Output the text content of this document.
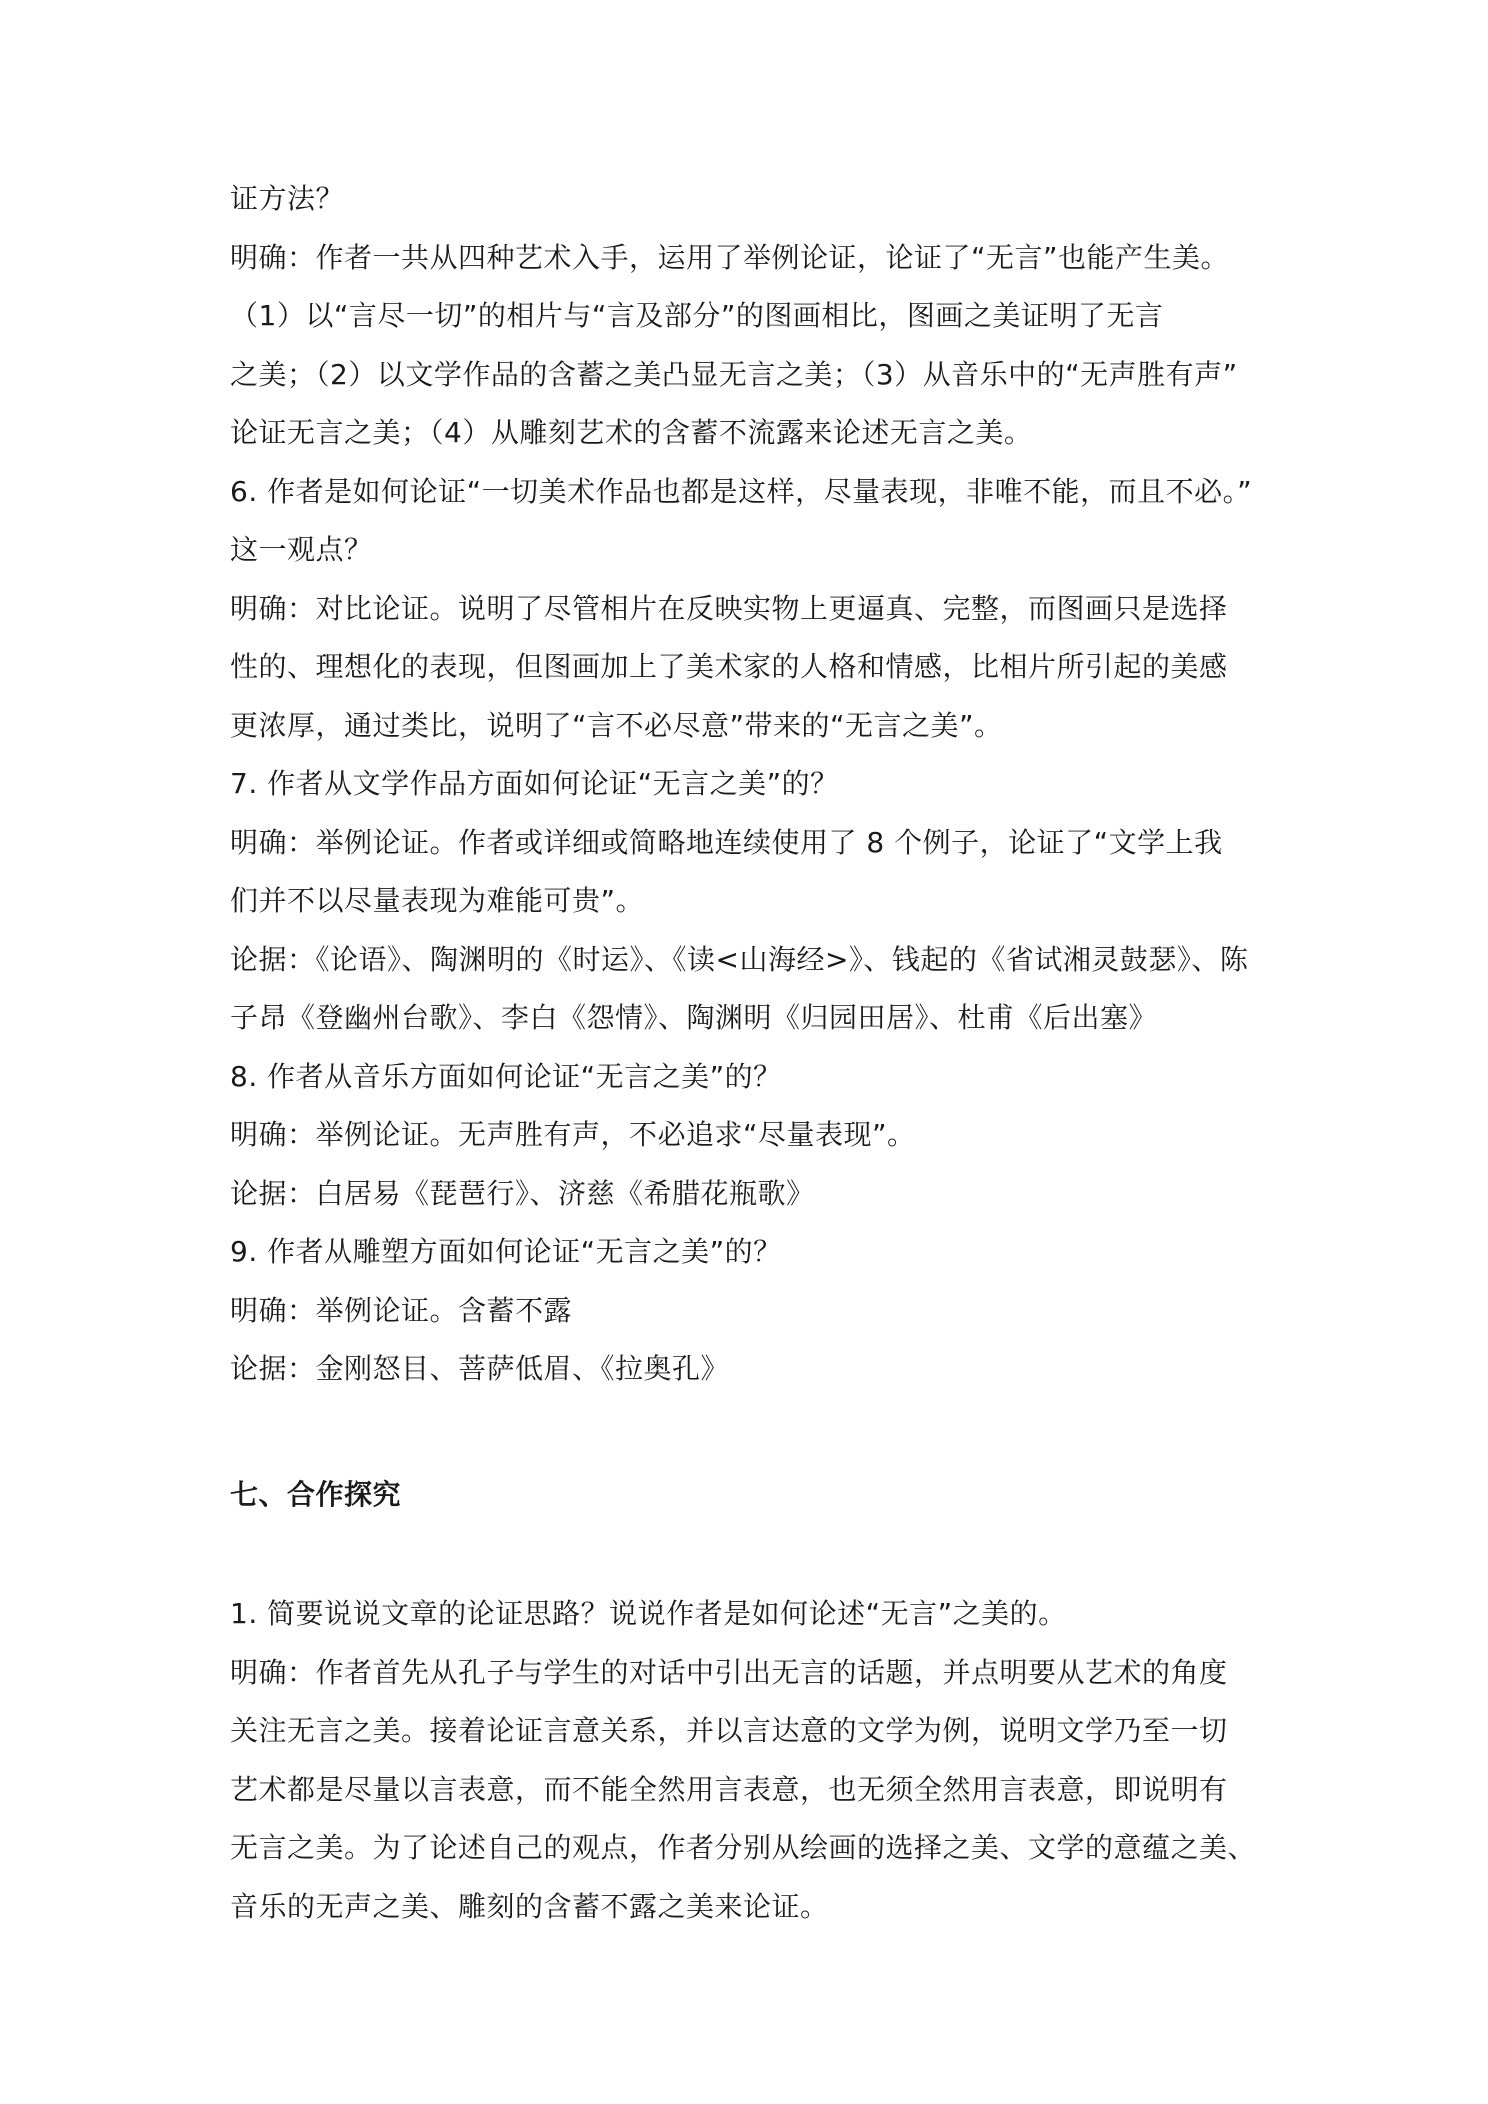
证方法？
明确：作者一共从四种艺术入手，运用了举例论证，论证了“无言”也能产生美。
（1）以“言尽一切”的相片与“言及部分”的图画相比，图画之美证明了无言
之美；（2）以文学作品的含蓄之美凸显无言之美；（3）从音乐中的“无声胜有声”
论证无言之美；（4）从雕刻艺术的含蓄不流露来论述无言之美。
6. 作者是如何论证“一切美术作品也都是这样，尽量表现，非唯不能，而且不必。”
这一观点？
明确：对比论证。说明了尽管相片在反映实物上更逼真、完整，而图画只是选择
性的、理想化的表现，但图画加上了美术家的人格和情感，比相片所引起的美感
更浓厚，通过类比，说明了“言不必尽意”带来的“无言之美”。
7. 作者从文学作品方面如何论证“无言之美”的？
明确：举例论证。作者或详细或简略地连续使用了 8 个例子，论证了“文学上我
们并不以尽量表现为难能可贵”。
论据：《论语》、陶渊明的《时运》、《读<山海经>》、钱起的《省试湘灵鼓瑟》、陈
子昂《登幽州台歌》、李白《怨情》、陶渊明《归园田居》、杜甫《后出塞》
8. 作者从音乐方面如何论证“无言之美”的？
明确：举例论证。无声胜有声，不必追求“尽量表现”。
论据：白居易《琵琶行》、济慈《希腊花瓶歌》
9. 作者从雕塑方面如何论证“无言之美”的？
明确：举例论证。含蓄不露
论据：金刚怒目、菩萨低眉、《拉奥孔》
七、合作探究
1. 简要说说文章的论证思路？说说作者是如何论述“无言”之美的。
明确：作者首先从孔子与学生的对话中引出无言的话题，并点明要从艺术的角度
关注无言之美。接着论证言意关系，并以言达意的文学为例，说明文学乃至一切
艺术都是尽量以言表意，而不能全然用言表意，也无须全然用言表意，即说明有
无言之美。为了论述自己的观点，作者分别从绘画的选择之美、文学的意蕴之美、
音乐的无声之美、雕刻的含蓄不露之美来论证。
